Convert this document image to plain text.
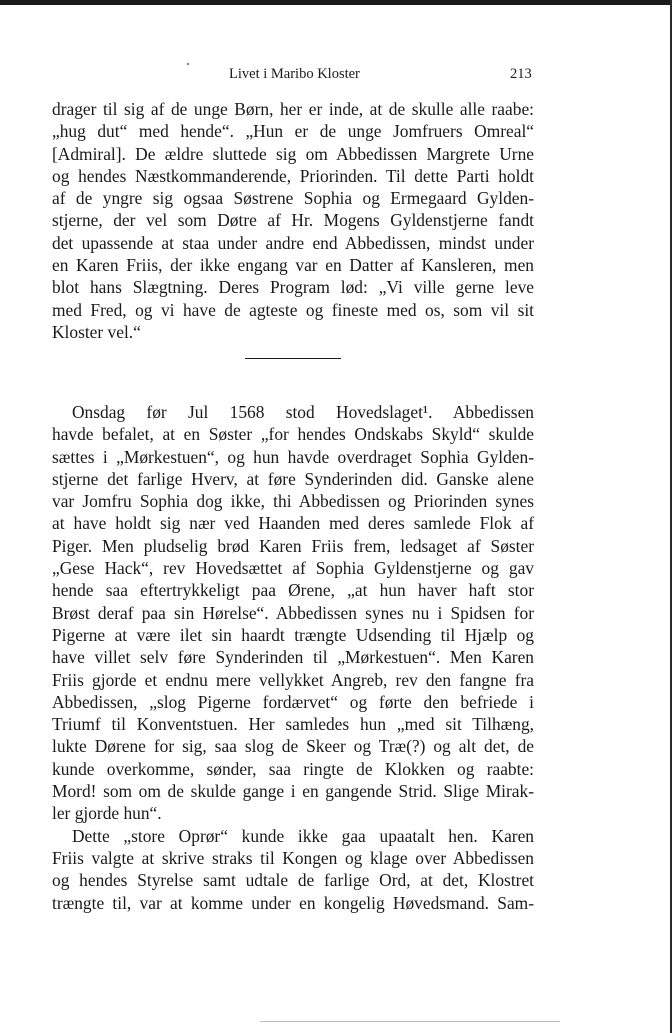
Livet i Maribo Kloster	213
drager til sig af de unge Børn, her er inde, at de skulle alle raabe:
„hug dut“ med hende“. „Hun er de unge Jomfruers Omreal“
[Admiral]. De ældre sluttede sig om Abbedissen Margrete Urne
og hendes Næstkommanderende, Priorinden. Til dette Parti holdt
af de yngre sig ogsaa Søstrene Sophia og Ermegaard Gylden-
stjerne, der vel som Døtre af Hr. Mogens Gyldenstjerne fandt
det upassende at staa under andre end Abbedissen, mindst under
en Karen Friis, der ikke engang var en Datter af Kansleren, men
blot hans Slægtning. Deres Program lød: „Vi ville gerne leve
med Fred, og vi have de agteste og fineste med os, som vil sit
Kloster vel.“
Onsdag før Jul 1568 stod Hovedslaget¹. Abbedissen
havde befalet, at en Søster „for hendes Ondskabs Skyld“ skulde
sættes i „Mørkestuen“, og hun havde overdraget Sophia Gylden-
stjerne det farlige Hverv, at føre Synderinden did. Ganske alene
var Jomfru Sophia dog ikke, thi Abbedissen og Priorinden synes
at have holdt sig nær ved Haanden med deres samlede Flok af
Piger. Men pludselig brød Karen Friis frem, ledsaget af Søster
„Gese Hack“, rev Hovedsættet af Sophia Gyldenstjerne og gav
hende saa eftertrykkeligt paa Ørene, „at hun haver haft stor
Brøst deraf paa sin Hørelse“. Abbedissen synes nu i Spidsen for
Pigerne at være ilet sin haardt trængte Udsending til Hjælp og
have villet selv føre Synderinden til „Mørkestuen“. Men Karen
Friis gjorde et endnu mere vellykket Angreb, rev den fangne fra
Abbedissen, „slog Pigerne fordærvet“ og førte den befriede i
Triumf til Konventstuen. Her samledes hun „med sit Tilhæng,
lukte Dørene for sig, saa slog de Skeer og Træ(?) og alt det, de
kunde overkomme, sønder, saa ringte de Klokken og raabte:
Mord! som om de skulde gange i en gangende Strid. Slige Mirak-
ler gjorde hun“.
Dette „store Oprør“ kunde ikke gaa upaatalt hen. Karen
Friis valgte at skrive straks til Kongen og klage over Abbedissen
og hendes Styrelse samt udtale de farlige Ord, at det, Klostret
trængte til, var at komme under en kongelig Høvedsmand. Sam-
